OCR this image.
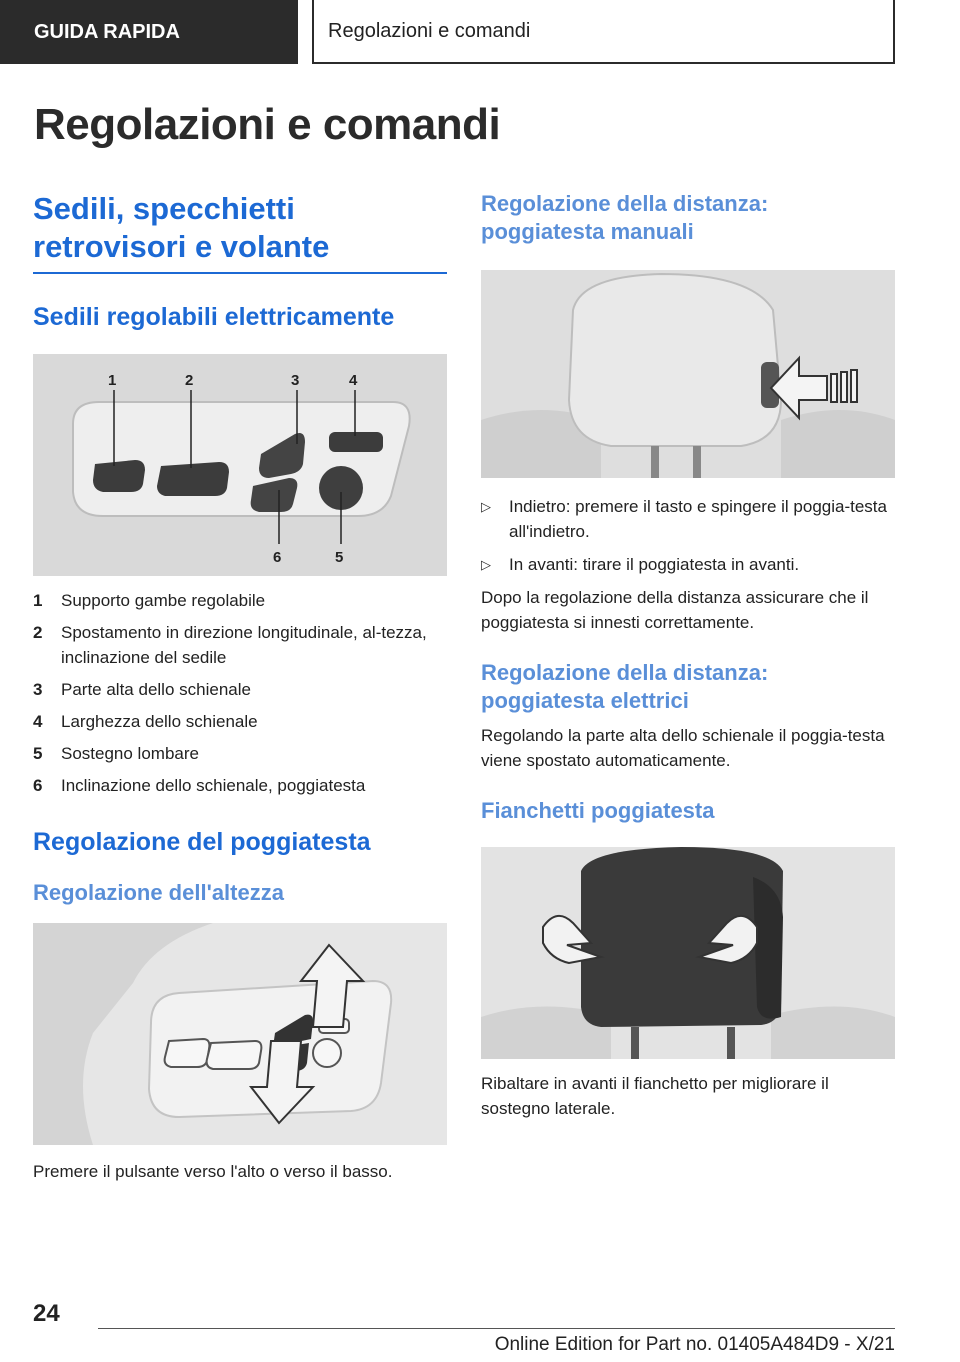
GUIDA RAPIDA	Regolazioni e comandi
Regolazioni e comandi
Sedili, specchietti retrovisori e volante
Sedili regolabili elettricamente
1	2	3	4
5
6
1	Supporto gambe regolabile
2	Spostamento in direzione longitudinale, al-tezza, inclinazione del sedile
3	Parte alta dello schienale
4	Larghezza dello schienale
5	Sostegno lombare
6	Inclinazione dello schienale, poggiatesta
Regolazione del poggiatesta
Regolazione dell'altezza

Premere il pulsante verso l'alto o verso il basso.

Regolazione della distanza: poggiatesta manuali
▷	Indietro: premere il tasto e spingere il poggia-testa all'indietro.
▷	In avanti: tirare il poggiatesta in avanti.

Dopo la regolazione della distanza assicurare che il poggiatesta si innesti correttamente.

Regolazione della distanza: poggiatesta elettrici

Regolando la parte alta dello schienale il poggia-testa viene spostato automaticamente.

Fianchetti poggiatesta

Ribaltare in avanti il fianchetto per migliorare il sostegno laterale.

24
Online Edition for Part no. 01405A484D9 - X/21
